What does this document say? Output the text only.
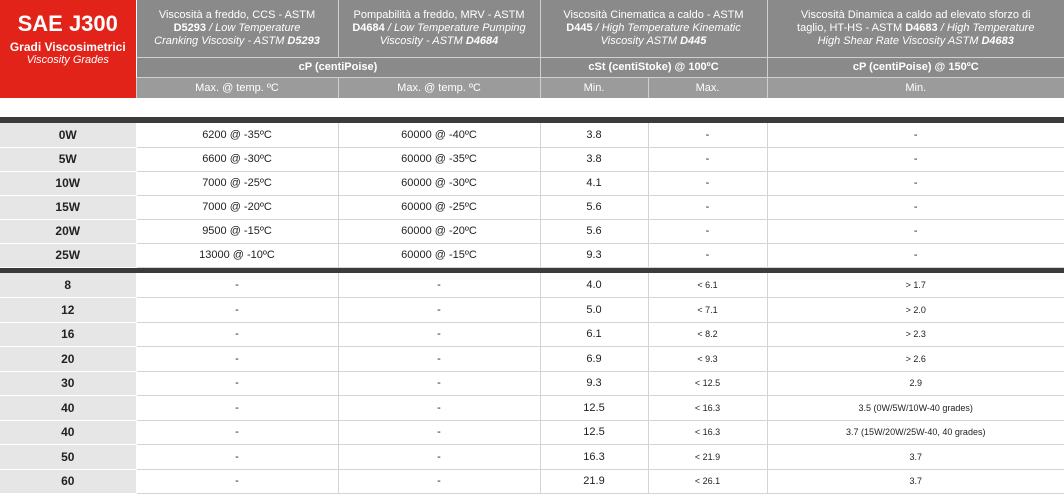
SAE J300
Gradi Viscosimetrici
Viscosity Grades	Viscosità a freddo, CCS - ASTM
D5293 / Low Temperature
Cranking Viscosity - ASTM D5293	Pompabilità a freddo, MRV - ASTM
D4684 / Low Temperature Pumping
Viscosity - ASTM D4684	Viscosità Cinematica a caldo - ASTM
D445 / High Temperature Kinematic
Viscosity ASTM D445		Viscosità Dinamica a caldo ad elevato sforzo di
taglio, HT-HS - ASTM D4683 / High Temperature
High Shear Rate Viscosity ASTM D4683
	cP (centiPoise)		cSt (centiStoke) @ 100ºC		cP (centiPoise) @ 150ºC
	Max. @ temp. ºC	Max. @ temp. ºC	Min.	Max.	Min.

0W	6200 @ -35ºC	60000 @ -40ºC	3.8	-	-
5W	6600 @ -30ºC	60000 @ -35ºC	3.8	-	-
10W	7000 @ -25ºC	60000 @ -30ºC	4.1	-	-
15W	7000 @ -20ºC	60000 @ -25ºC	5.6	-	-
20W	9500 @ -15ºC	60000 @ -20ºC	5.6	-	-
25W	13000 @ -10ºC	60000 @ -15ºC	9.3	-	-

8	-	-	4.0	< 6.1	> 1.7
12	-	-	5.0	< 7.1	> 2.0
16	-	-	6.1	< 8.2	> 2.3
20	-	-	6.9	< 9.3	> 2.6
30	-	-	9.3	< 12.5	2.9
40	-	-	12.5	< 16.3	3.5 (0W/5W/10W-40 grades)
40	-	-	12.5	< 16.3	3.7 (15W/20W/25W-40, 40 grades)
50	-	-	16.3	< 21.9	3.7
60	-	-	21.9	< 26.1	3.7
